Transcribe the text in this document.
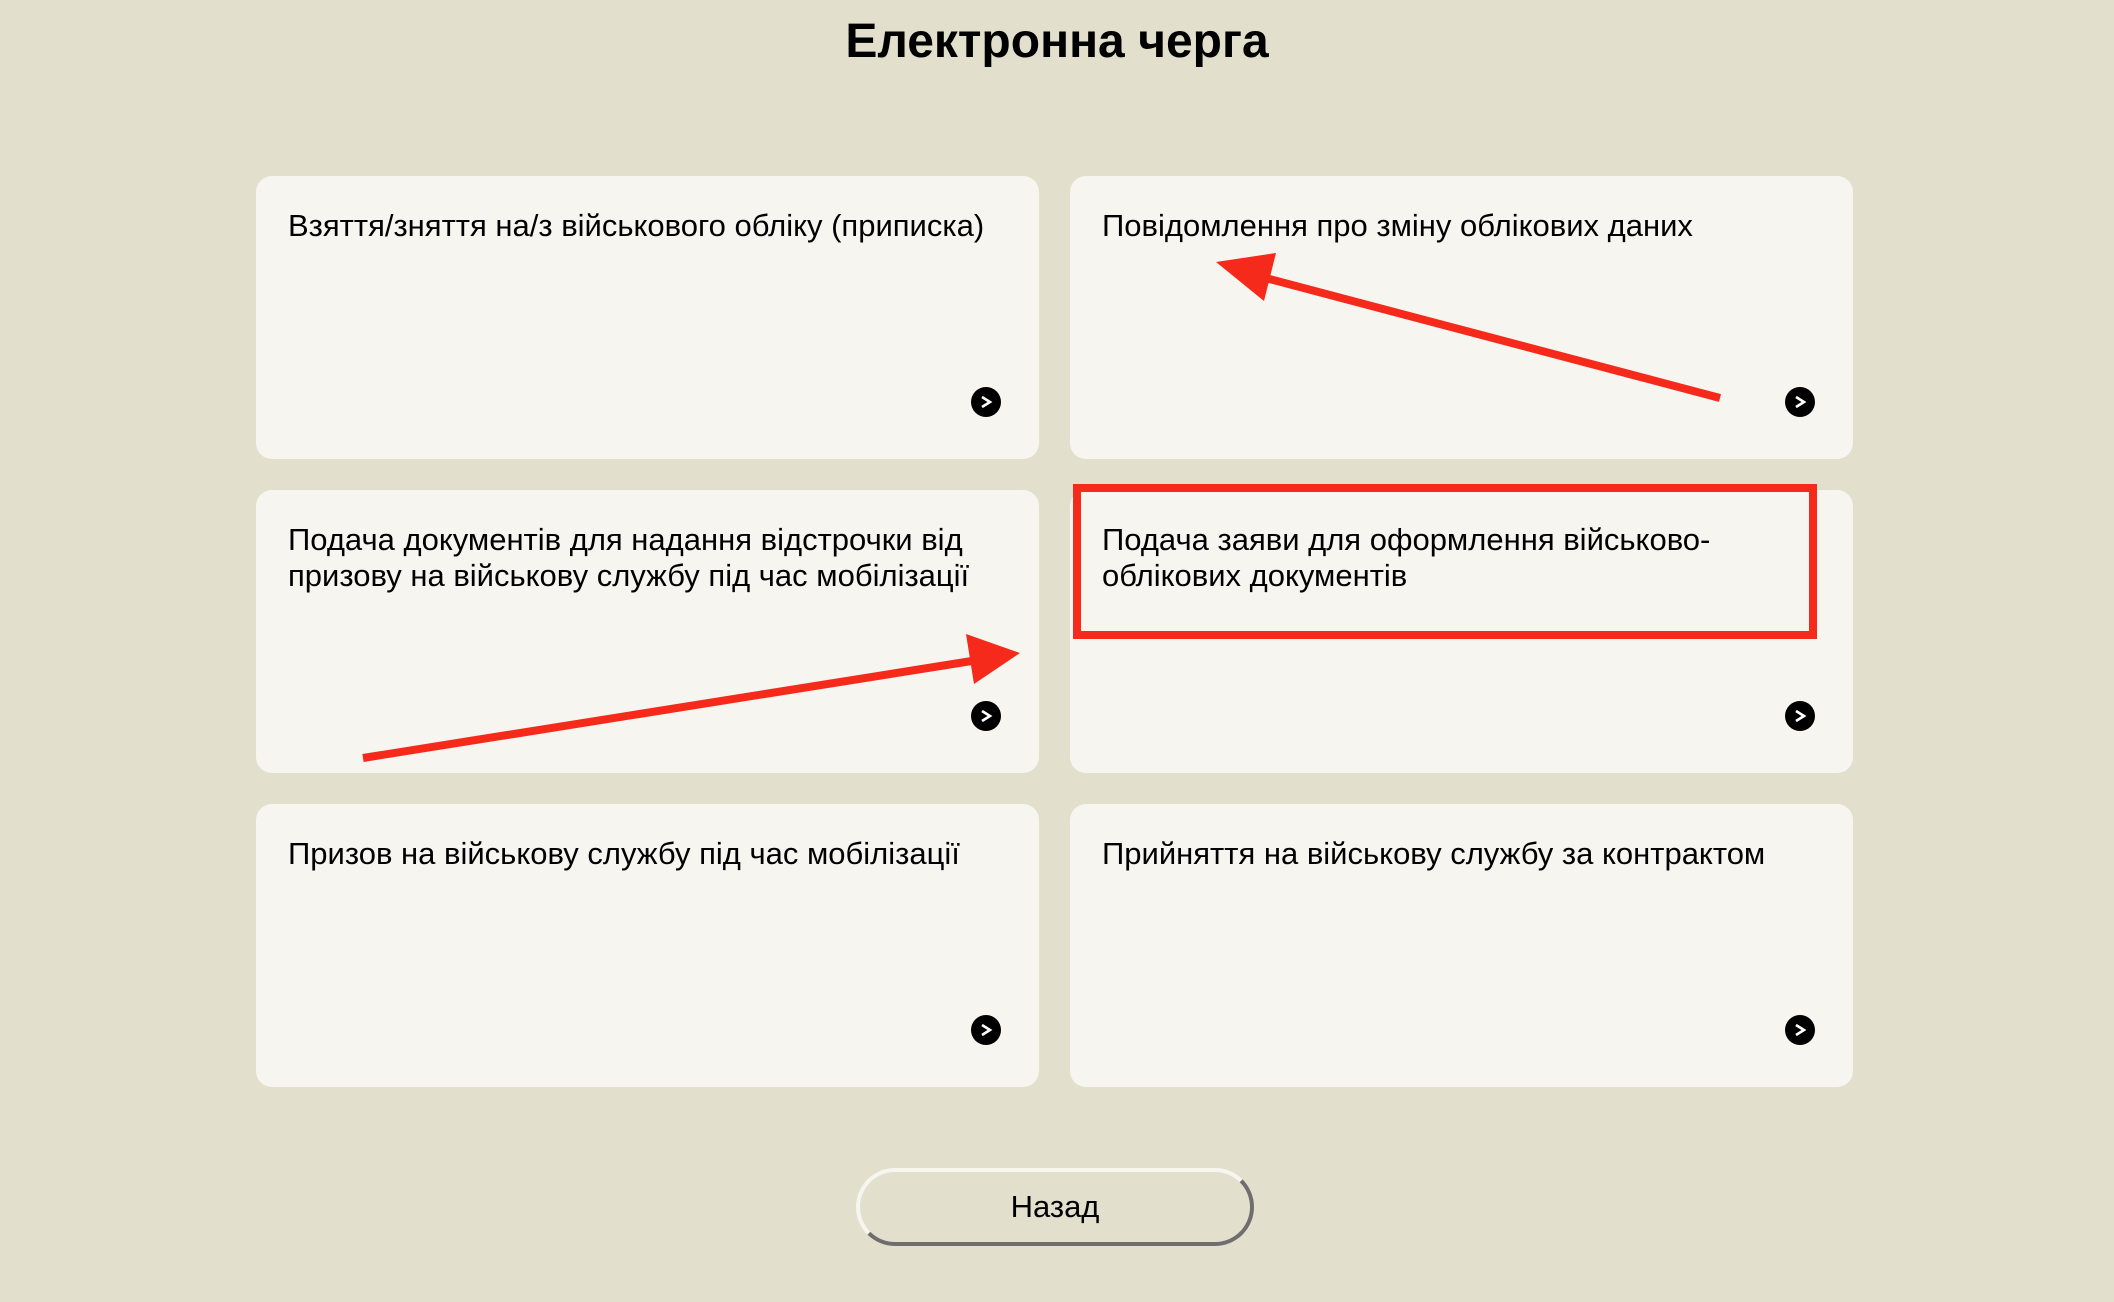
Електронна черга
Взяття/зняття на/з військового обліку (приписка)	Повідомлення про зміну облікових даних
Подача документів для надання відстрочки від призову на військову службу під час мобілізації
Подача заяви для оформлення військово-облікових документів
Призов на військову службу під час мобілізації	Прийняття на військову службу за контрактом
Назад
